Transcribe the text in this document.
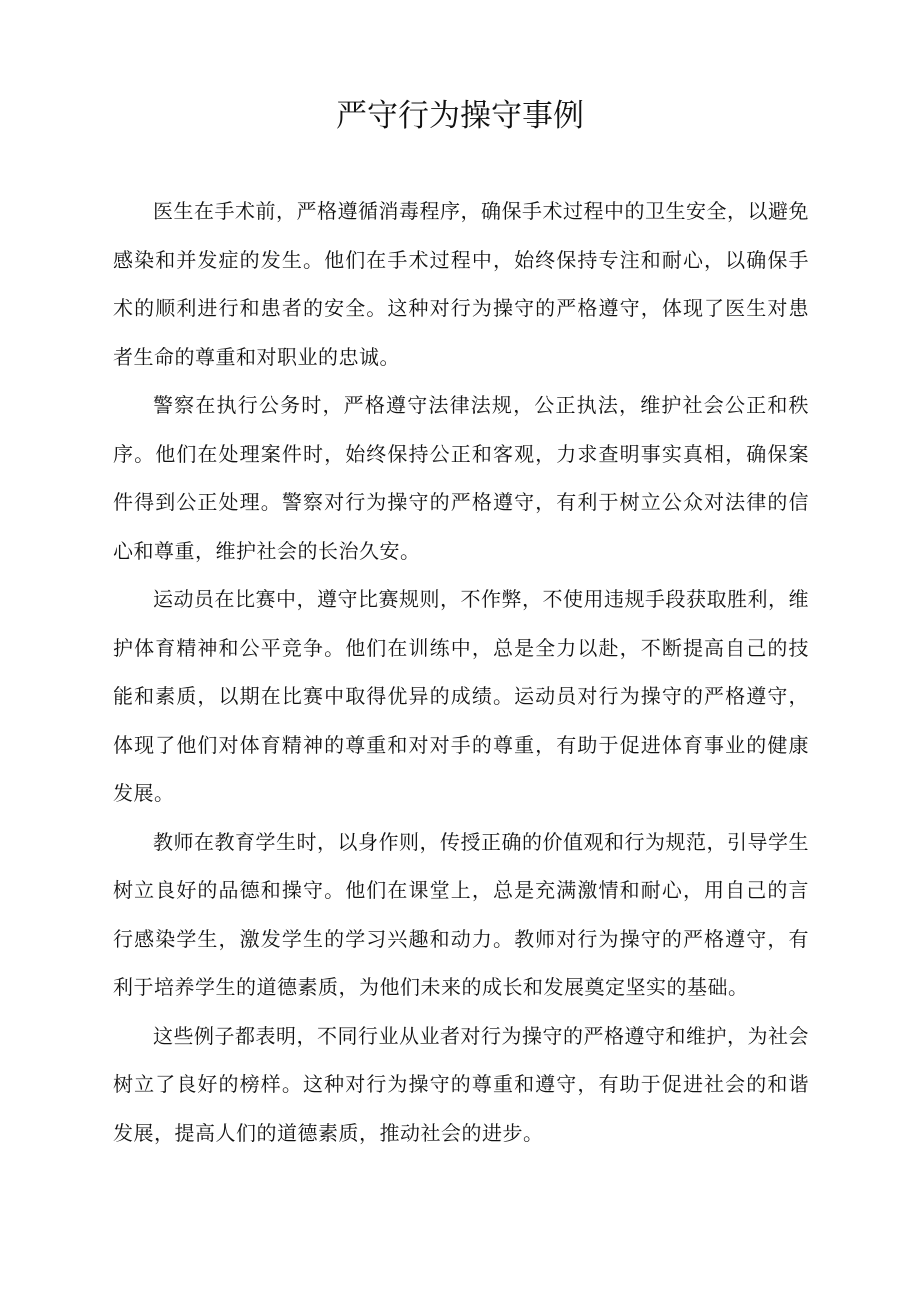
严守行为操守事例

医生在手术前，严格遵循消毒程序，确保手术过程中的卫生安全，以避免感染和并发症的发生。他们在手术过程中，始终保持专注和耐心，以确保手术的顺利进行和患者的安全。这种对行为操守的严格遵守，体现了医生对患者生命的尊重和对职业的忠诚。

警察在执行公务时，严格遵守法律法规，公正执法，维护社会公正和秩序。他们在处理案件时，始终保持公正和客观，力求查明事实真相，确保案件得到公正处理。警察对行为操守的严格遵守，有利于树立公众对法律的信心和尊重，维护社会的长治久安。

运动员在比赛中，遵守比赛规则，不作弊，不使用违规手段获取胜利，维护体育精神和公平竞争。他们在训练中，总是全力以赴，不断提高自己的技能和素质，以期在比赛中取得优异的成绩。运动员对行为操守的严格遵守，体现了他们对体育精神的尊重和对对手的尊重，有助于促进体育事业的健康发展。

教师在教育学生时，以身作则，传授正确的价值观和行为规范，引导学生树立良好的品德和操守。他们在课堂上，总是充满激情和耐心，用自己的言行感染学生，激发学生的学习兴趣和动力。教师对行为操守的严格遵守，有利于培养学生的道德素质，为他们未来的成长和发展奠定坚实的基础。

这些例子都表明，不同行业从业者对行为操守的严格遵守和维护，为社会树立了良好的榜样。这种对行为操守的尊重和遵守，有助于促进社会的和谐发展，提高人们的道德素质，推动社会的进步。
